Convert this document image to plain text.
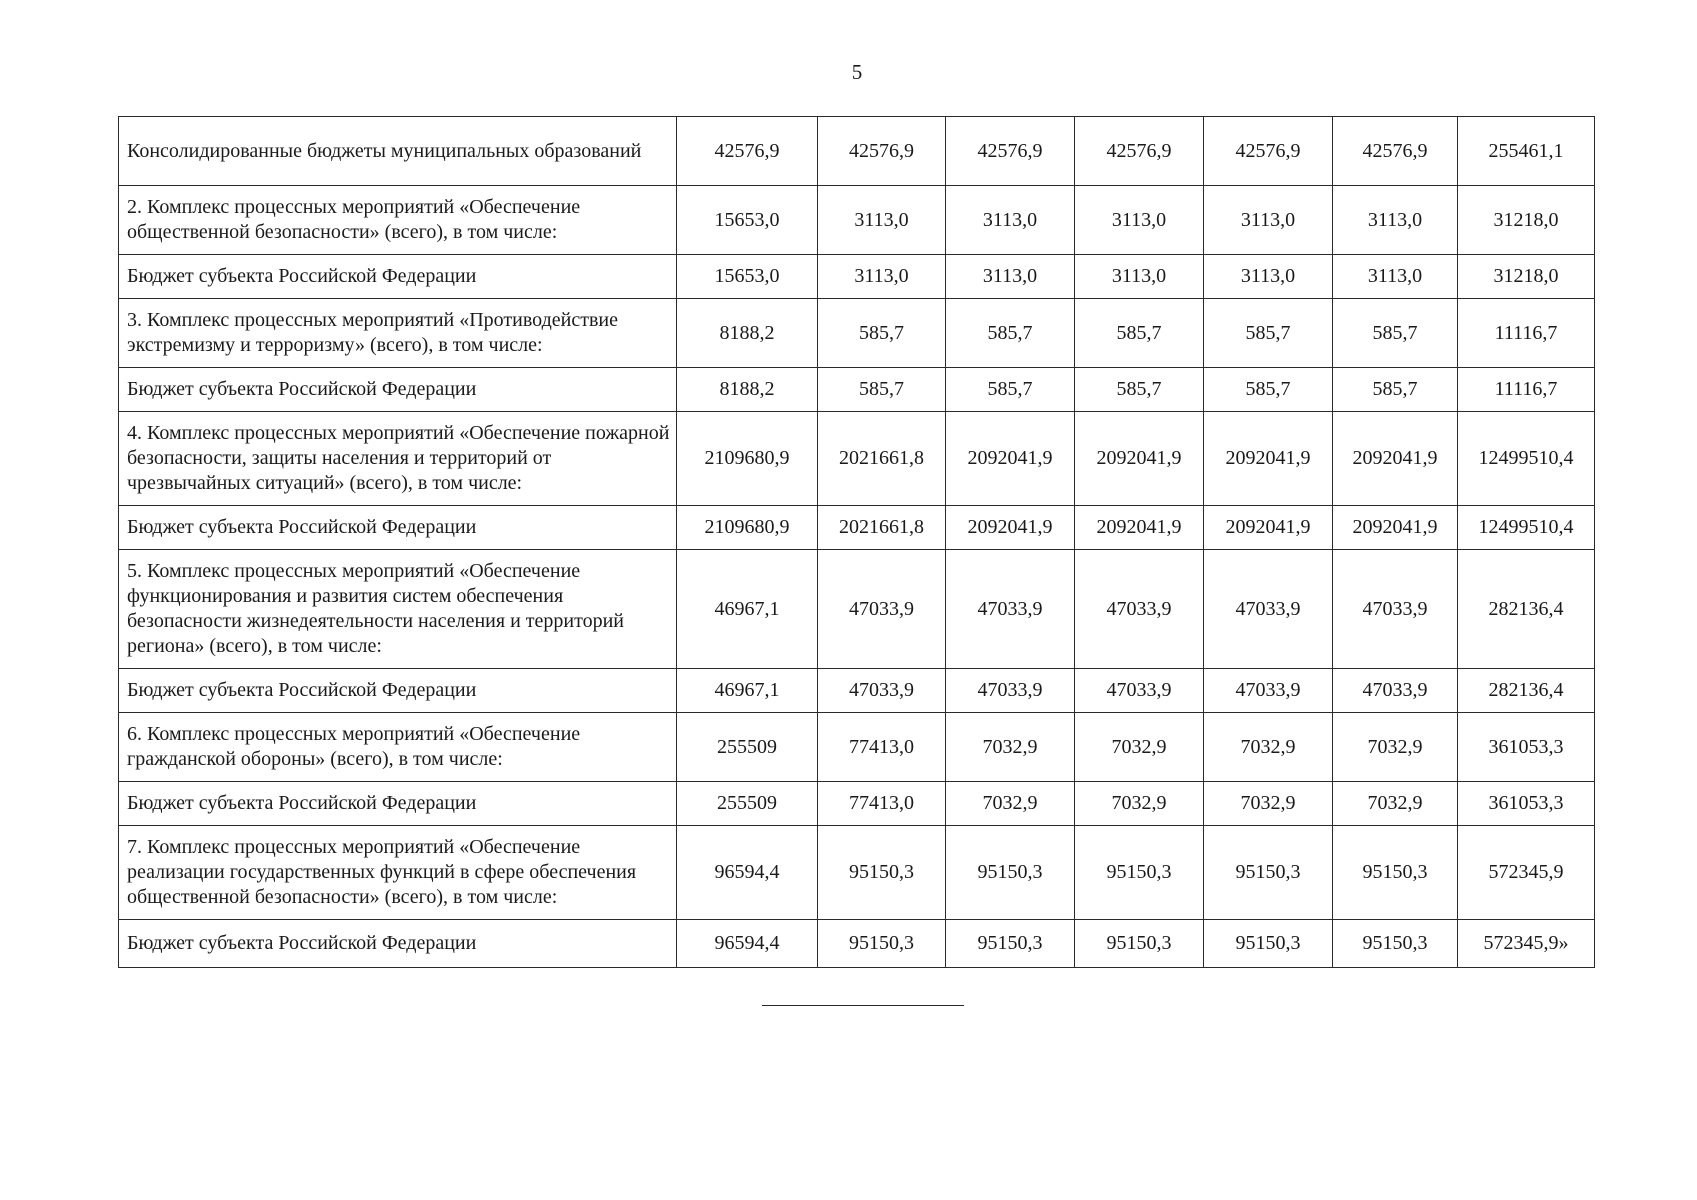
5
Консолидированные бюджеты муниципальных образований	42576,9	42576,9	42576,9	42576,9	42576,9	42576,9	255461,1
2. Комплекс процессных мероприятий «Обеспечение общественной безопасности» (всего), в том числе:	15653,0	3113,0	3113,0	3113,0	3113,0	3113,0	31218,0
Бюджет субъекта Российской Федерации	15653,0	3113,0	3113,0	3113,0	3113,0	3113,0	31218,0
3. Комплекс процессных мероприятий «Противодействие экстремизму и терроризму» (всего), в том числе:	8188,2	585,7	585,7	585,7	585,7	585,7	11116,7
Бюджет субъекта Российской Федерации	8188,2	585,7	585,7	585,7	585,7	585,7	11116,7
4. Комплекс процессных мероприятий «Обеспечение пожарной безопасности, защиты населения и территорий от чрезвычайных ситуаций» (всего), в том числе:	2109680,9	2021661,8	2092041,9	2092041,9	2092041,9	2092041,9	12499510,4
Бюджет субъекта Российской Федерации	2109680,9	2021661,8	2092041,9	2092041,9	2092041,9	2092041,9	12499510,4
5. Комплекс процессных мероприятий «Обеспечение функционирования и развития систем обеспечения безопасности жизнедеятельности населения и территорий региона» (всего), в том числе:	46967,1	47033,9	47033,9	47033,9	47033,9	47033,9	282136,4
Бюджет субъекта Российской Федерации	46967,1	47033,9	47033,9	47033,9	47033,9	47033,9	282136,4
6. Комплекс процессных мероприятий «Обеспечение гражданской обороны» (всего), в том числе:	255509	77413,0	7032,9	7032,9	7032,9	7032,9	361053,3
Бюджет субъекта Российской Федерации	255509	77413,0	7032,9	7032,9	7032,9	7032,9	361053,3
7. Комплекс процессных мероприятий «Обеспечение реализации государственных функций в сфере обеспечения общественной безопасности» (всего), в том числе:	96594,4	95150,3	95150,3	95150,3	95150,3	95150,3	572345,9
Бюджет субъекта Российской Федерации	96594,4	95150,3	95150,3	95150,3	95150,3	95150,3	572345,9»
